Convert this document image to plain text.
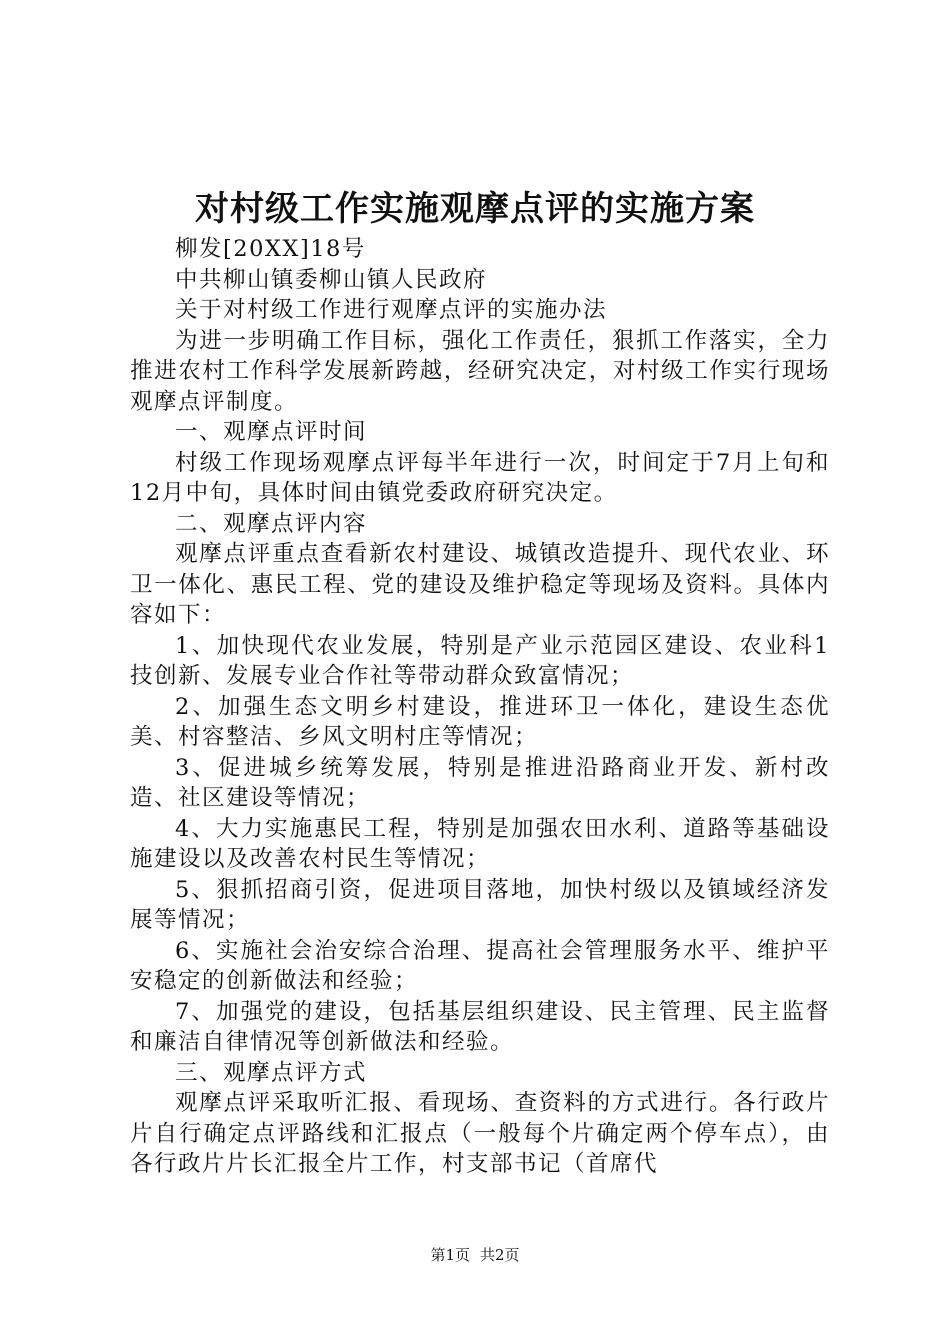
对村级工作实施观摩点评的实施方案

柳发[20XX]18号

中共柳山镇委柳山镇人民政府

关于对村级工作进行观摩点评的实施办法

为进一步明确工作目标，强化工作责任，狠抓工作落实，全力推进农村工作科学发展新跨越，经研究决定，对村级工作实行现场观摩点评制度。

一、观摩点评时间

村级工作现场观摩点评每半年进行一次，时间定于7月上旬和12月中旬，具体时间由镇党委政府研究决定。

二、观摩点评内容

观摩点评重点查看新农村建设、城镇改造提升、现代农业、环卫一体化、惠民工程、党的建设及维护稳定等现场及资料。具体内容如下：

1、加快现代农业发展，特别是产业示范园区建设、农业科1技创新、发展专业合作社等带动群众致富情况；

2、加强生态文明乡村建设，推进环卫一体化，建设生态优美、村容整洁、乡风文明村庄等情况；

3、促进城乡统筹发展，特别是推进沿路商业开发、新村改造、社区建设等情况；

4、大力实施惠民工程，特别是加强农田水利、道路等基础设施建设以及改善农村民生等情况；

5、狠抓招商引资，促进项目落地，加快村级以及镇域经济发展等情况；

6、实施社会治安综合治理、提高社会管理服务水平、维护平安稳定的创新做法和经验；

7、加强党的建设，包括基层组织建设、民主管理、民主监督和廉洁自律情况等创新做法和经验。

三、观摩点评方式

观摩点评采取听汇报、看现场、查资料的方式进行。各行政片片自行确定点评路线和汇报点（一般每个片确定两个停车点），由各行政片片长汇报全片工作，村支部书记（首席代

第1页 共2页
